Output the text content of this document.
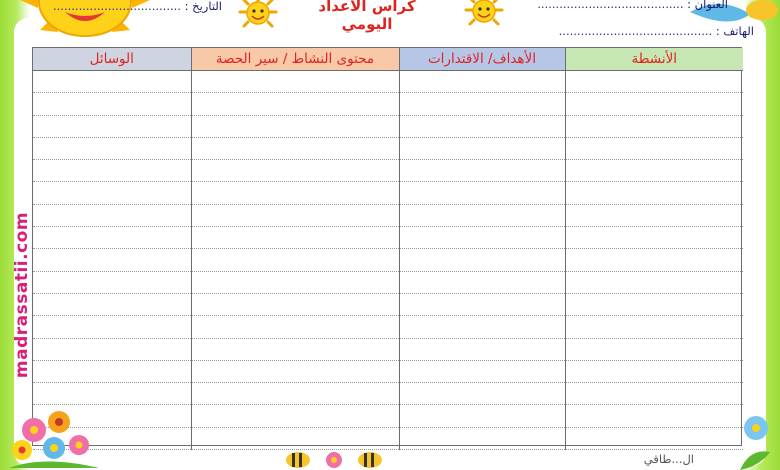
كراس الاعداد اليومي
العنوان : ........................................
التاريخ : ...................................
الهاتف : ..........................................
madrassatii.com
الأنشطة	الأهداف/ الاقتدارات	محتوى النشاط / سير الحصة	الوسائل

ال...طاقي
